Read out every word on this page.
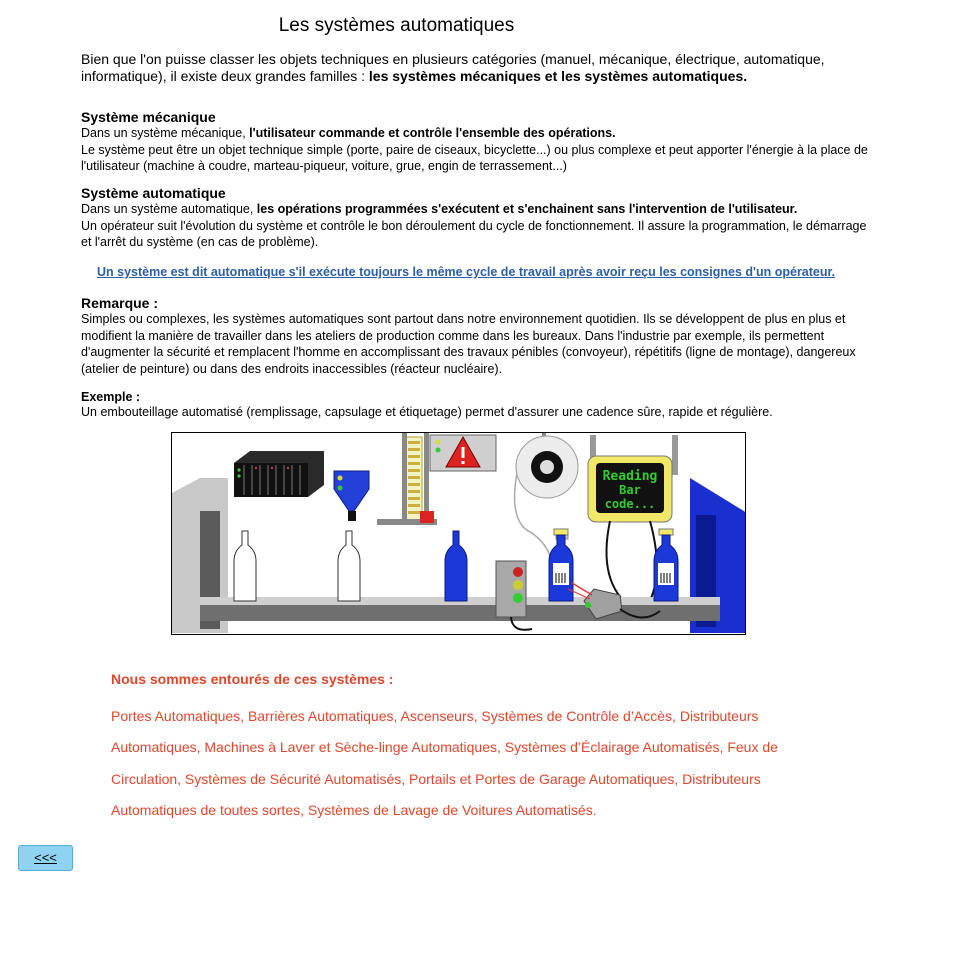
Les systèmes automatiques

Bien que l'on puisse classer les objets techniques en plusieurs catégories (manuel, mécanique, électrique, automatique, informatique), il existe deux grandes familles : les systèmes mécaniques et les systèmes automatiques.

Système mécanique

Dans un système mécanique, l'utilisateur commande et contrôle l'ensemble des opérations.
Le système peut être un objet technique simple (porte, paire de ciseaux, bicyclette...) ou plus complexe et peut apporter l'énergie à la place de l'utilisateur (machine à coudre, marteau-piqueur, voiture, grue, engin de terrassement...)

Système automatique

Dans un système automatique, les opérations programmées s'exécutent et s'enchainent sans l'intervention de l'utilisateur.
Un opérateur suit l'évolution du système et contrôle le bon déroulement du cycle de fonctionnement. Il assure la programmation, le démarrage et l'arrêt du système (en cas de problème).

Un système est dit automatique s'il exécute toujours le même cycle de travail après avoir reçu les consignes d'un opérateur.

Remarque :

Simples ou complexes, les systèmes automatiques sont partout dans notre environnement quotidien. Ils se développent de plus en plus et modifient la manière de travailler dans les ateliers de production comme dans les bureaux. Dans l'industrie par exemple, ils permettent d'augmenter la sécurité et remplacent l'homme en accomplissant des travaux pénibles (convoyeur), répétitifs (ligne de montage), dangereux (atelier de peinture) ou dans des endroits inaccessibles (réacteur nucléaire).

Exemple :

Un embouteillage automatisé (remplissage, capsulage et étiquetage) permet d'assurer une cadence sûre, rapide et régulière.

Reading
Bar
code...

Nous sommes entourés de ces systèmes :

Portes Automatiques, Barrières Automatiques, Ascenseurs, Systèmes de Contrôle d’Accès, Distributeurs

Automatiques, Machines à Laver et Sèche-linge Automatiques, Systèmes d’Éclairage Automatisés, Feux de

Circulation, Systèmes de Sécurité Automatisés, Portails et Portes de Garage Automatiques, Distributeurs

Automatiques de toutes sortes, Systèmes de Lavage de Voitures Automatisés.

<<<
